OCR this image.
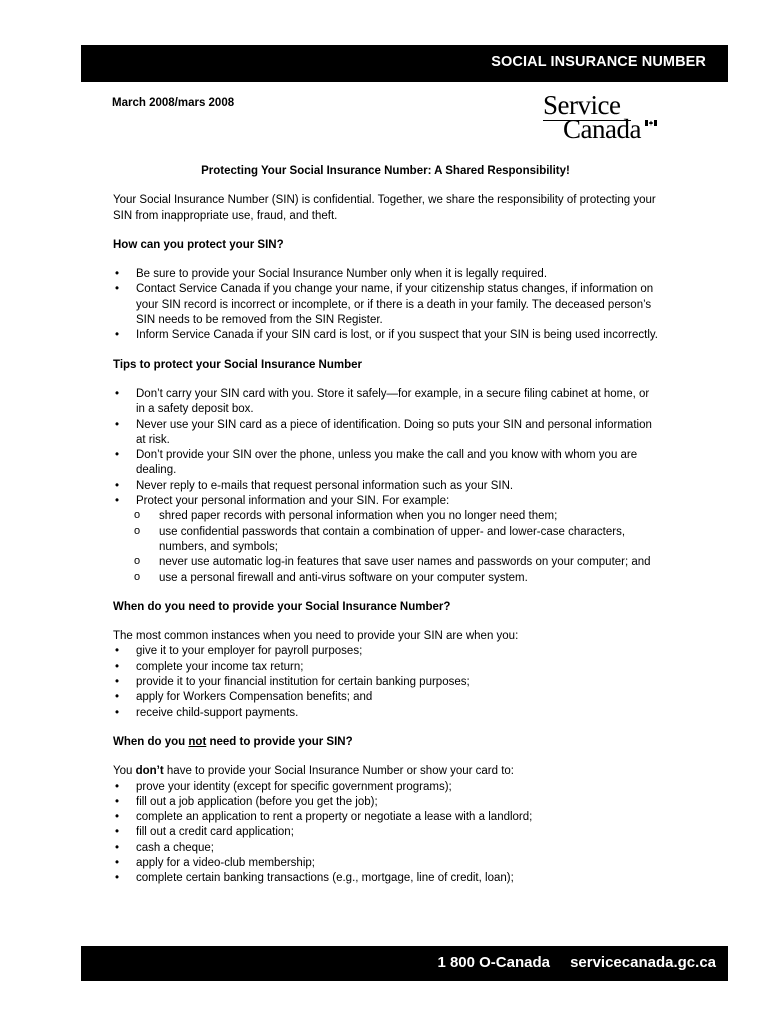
SOCIAL INSURANCE NUMBER
March 2008/mars 2008	Service
Canada

Protecting Your Social Insurance Number: A Shared Responsibility!

Your Social Insurance Number (SIN) is confidential. Together, we share the responsibility of protecting your SIN from inappropriate use, fraud, and theft.

How can you protect your SIN?

• Be sure to provide your Social Insurance Number only when it is legally required.
• Contact Service Canada if you change your name, if your citizenship status changes, if information on your SIN record is incorrect or incomplete, or if there is a death in your family. The deceased person’s SIN needs to be removed from the SIN Register.
• Inform Service Canada if your SIN card is lost, or if you suspect that your SIN is being used incorrectly.

Tips to protect your Social Insurance Number

• Don’t carry your SIN card with you. Store it safely—for example, in a secure filing cabinet at home, or in a safety deposit box.
• Never use your SIN card as a piece of identification. Doing so puts your SIN and personal information at risk.
• Don’t provide your SIN over the phone, unless you make the call and you know with whom you are dealing.
• Never reply to e-mails that request personal information such as your SIN.
• Protect your personal information and your SIN. For example:
o shred paper records with personal information when you no longer need them;
o use confidential passwords that contain a combination of upper- and lower-case characters, numbers, and symbols;
o never use automatic log-in features that save user names and passwords on your computer; and
o use a personal firewall and anti-virus software on your computer system.

When do you need to provide your Social Insurance Number?

The most common instances when you need to provide your SIN are when you:

• give it to your employer for payroll purposes;
• complete your income tax return;
• provide it to your financial institution for certain banking purposes;
• apply for Workers Compensation benefits; and
• receive child-support payments.

When do you not need to provide your SIN?

You don’t have to provide your Social Insurance Number or show your card to:

• prove your identity (except for specific government programs);
• fill out a job application (before you get the job);
• complete an application to rent a property or negotiate a lease with a landlord;
• fill out a credit card application;
• cash a cheque;
• apply for a video-club membership;
• complete certain banking transactions (e.g., mortgage, line of credit, loan);
1 800 O-Canada servicecanada.gc.ca
